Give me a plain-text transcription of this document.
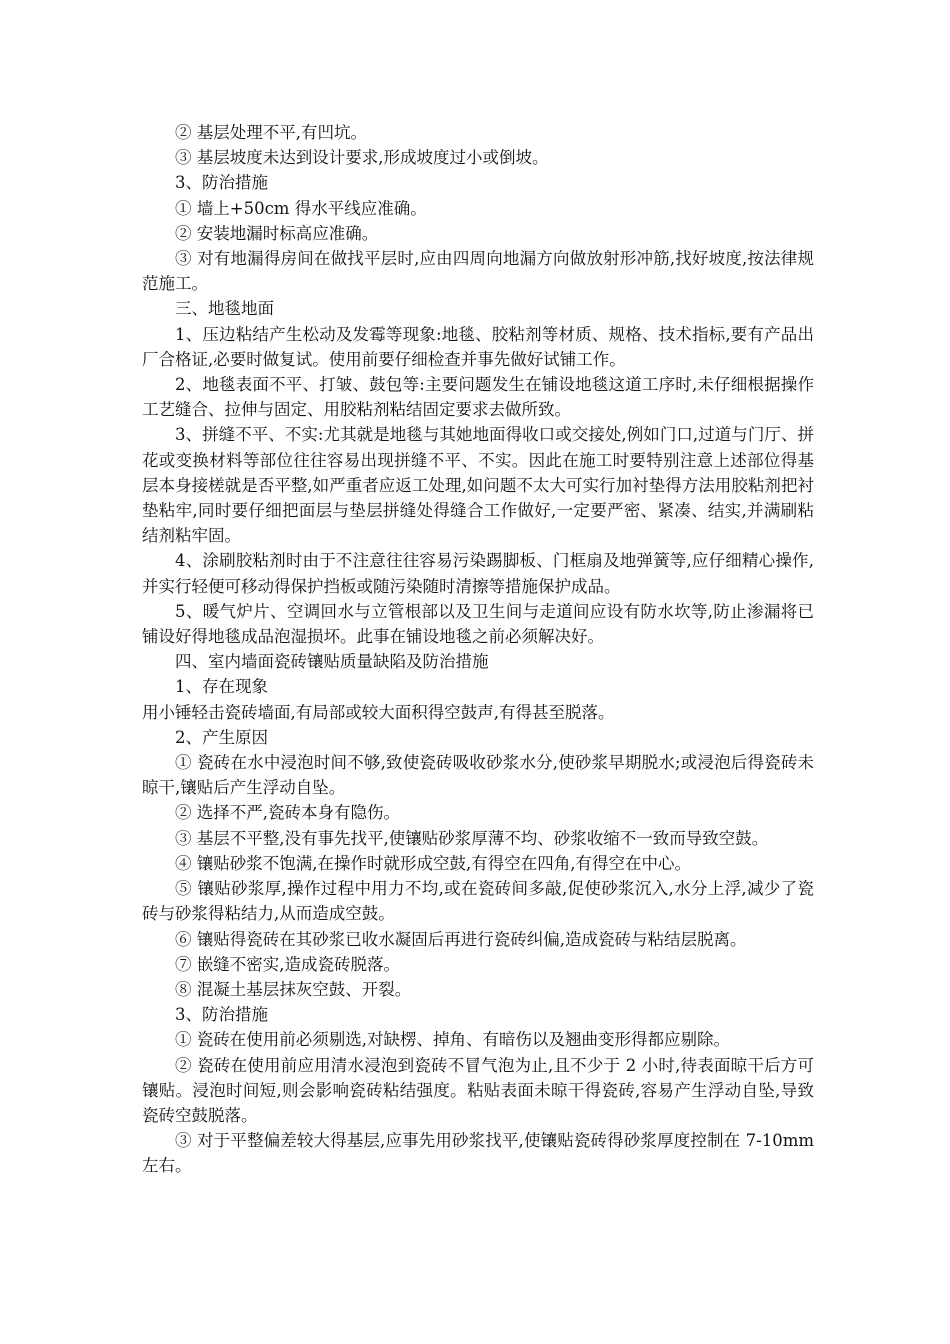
② 基层处理不平,有凹坑。

③ 基层坡度未达到设计要求,形成坡度过小或倒坡。

3、防治措施

① 墙上+50cm 得水平线应准确。

② 安装地漏时标高应准确。

③ 对有地漏得房间在做找平层时,应由四周向地漏方向做放射形冲筋,找好坡度,按法律规范施工。

三、地毯地面

1、压边粘结产生松动及发霉等现象:地毯、胶粘剂等材质、规格、技术指标,要有产品出厂合格证,必要时做复试。使用前要仔细检查并事先做好试铺工作。

2、地毯表面不平、打皱、鼓包等:主要问题发生在铺设地毯这道工序时,未仔细根据操作工艺缝合、拉伸与固定、用胶粘剂粘结固定要求去做所致。

3、拼缝不平、不实:尤其就是地毯与其她地面得收口或交接处,例如门口,过道与门厅、拼花或变换材料等部位往往容易出现拼缝不平、不实。因此在施工时要特别注意上述部位得基层本身接槎就是否平整,如严重者应返工处理,如问题不太大可实行加衬垫得方法用胶粘剂把衬垫粘牢,同时要仔细把面层与垫层拼缝处得缝合工作做好,一定要严密、紧凑、结实,并满刷粘结剂粘牢固。

4、涂刷胶粘剂时由于不注意往往容易污染踢脚板、门框扇及地弹簧等,应仔细精心操作,并实行轻便可移动得保护挡板或随污染随时清擦等措施保护成品。

5、暖气炉片、空调回水与立管根部以及卫生间与走道间应设有防水坎等,防止渗漏将已铺设好得地毯成品泡湿损坏。此事在铺设地毯之前必须解决好。

四、室内墙面瓷砖镶贴质量缺陷及防治措施

1、存在现象

用小锤轻击瓷砖墙面,有局部或较大面积得空鼓声,有得甚至脱落。

2、产生原因

① 瓷砖在水中浸泡时间不够,致使瓷砖吸收砂浆水分,使砂浆早期脱水;或浸泡后得瓷砖未晾干,镶贴后产生浮动自坠。

② 选择不严,瓷砖本身有隐伤。

③ 基层不平整,没有事先找平,使镶贴砂浆厚薄不均、砂浆收缩不一致而导致空鼓。

④ 镶贴砂浆不饱满,在操作时就形成空鼓,有得空在四角,有得空在中心。

⑤ 镶贴砂浆厚,操作过程中用力不均,或在瓷砖间多敲,促使砂浆沉入,水分上浮,减少了瓷砖与砂浆得粘结力,从而造成空鼓。

⑥ 镶贴得瓷砖在其砂浆已收水凝固后再进行瓷砖纠偏,造成瓷砖与粘结层脱离。

⑦ 嵌缝不密实,造成瓷砖脱落。

⑧ 混凝土基层抹灰空鼓、开裂。

3、防治措施

① 瓷砖在使用前必须剔选,对缺楞、掉角、有暗伤以及翘曲变形得都应剔除。

② 瓷砖在使用前应用清水浸泡到瓷砖不冒气泡为止,且不少于 2 小时,待表面晾干后方可镶贴。浸泡时间短,则会影响瓷砖粘结强度。粘贴表面未晾干得瓷砖,容易产生浮动自坠,导致瓷砖空鼓脱落。

③ 对于平整偏差较大得基层,应事先用砂浆找平,使镶贴瓷砖得砂浆厚度控制在 7-10mm 左右。
